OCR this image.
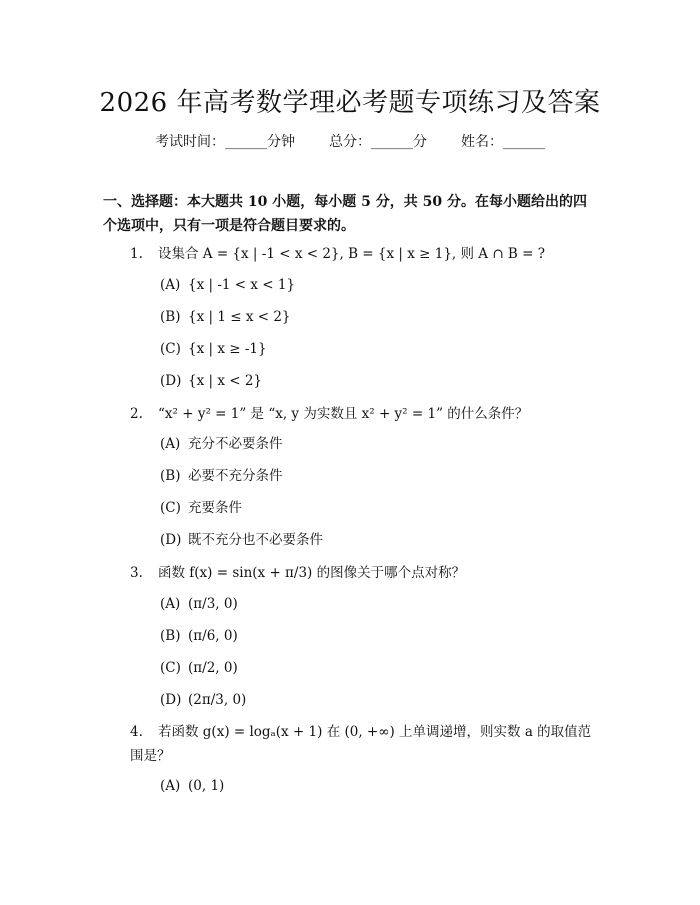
2026 年高考数学理必考题专项练习及答案
考试时间：______分钟 总分：______分 姓名：______
一、选择题：本大题共 10 小题，每小题 5 分，共 50 分。在每小题给出的四个选项中，只有一项是符合题目要求的。
1. 设集合 A = {x | -1 < x < 2}, B = {x | x ≥ 1}, 则 A ∩ B = ?
(A) {x | -1 < x < 1}
(B) {x | 1 ≤ x < 2}
(C) {x | x ≥ -1}
(D) {x | x < 2}
2. “x² + y² = 1” 是 “x, y 为实数且 x² + y² = 1” 的什么条件？
(A) 充分不必要条件
(B) 必要不充分条件
(C) 充要条件
(D) 既不充分也不必要条件
3. 函数 f(x) = sin(x + π/3) 的图像关于哪个点对称？
(A) (π/3, 0)
(B) (π/6, 0)
(C) (π/2, 0)
(D) (2π/3, 0)
4. 若函数 g(x) = logₐ(x + 1) 在 (0, +∞) 上单调递增，则实数 a 的取值范围是？
(A) (0, 1)
